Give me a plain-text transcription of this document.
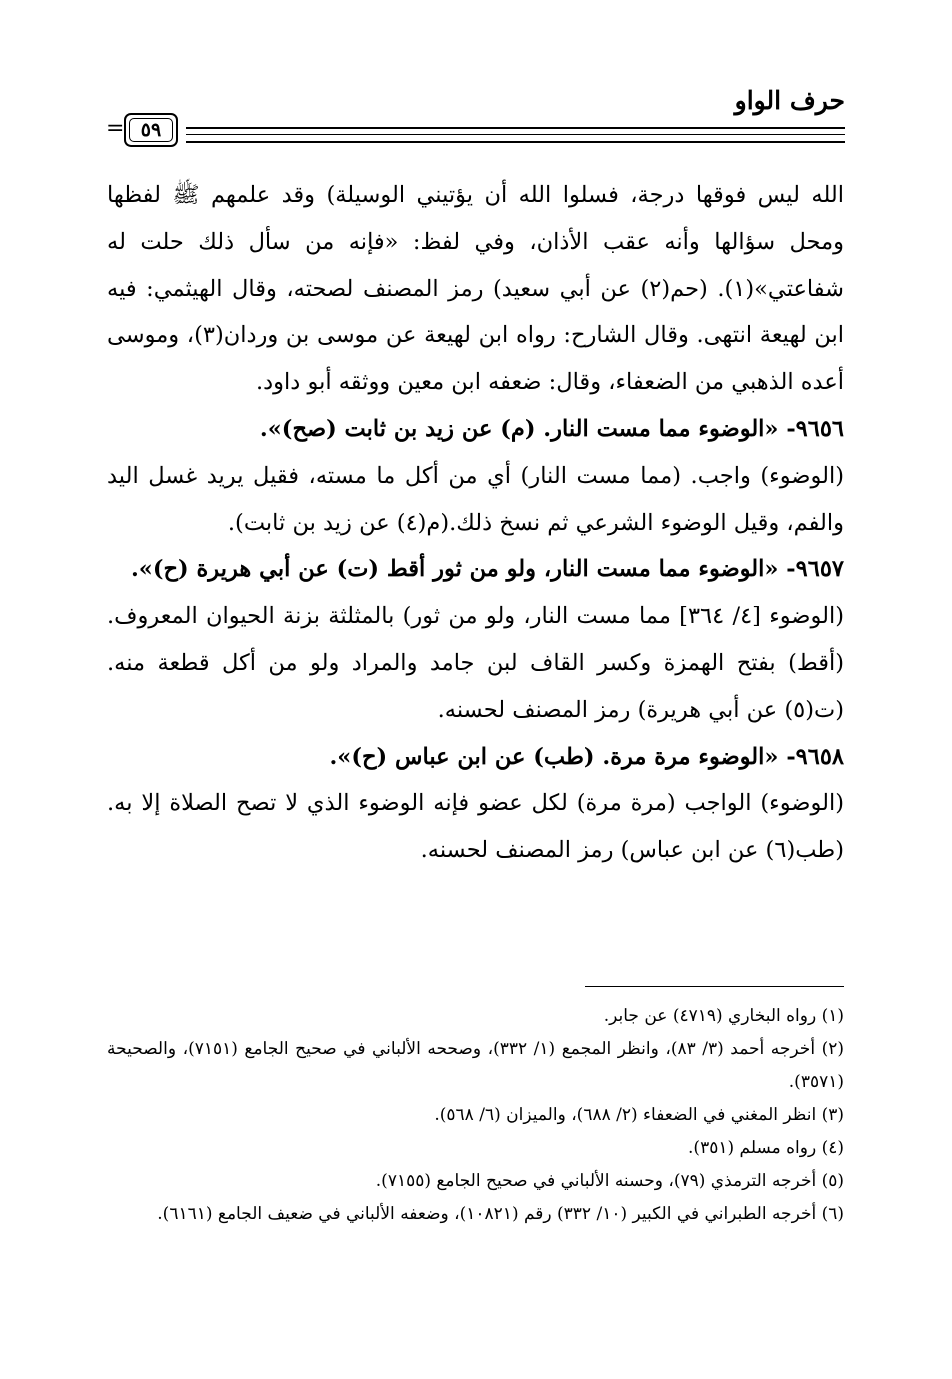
حرف الواو
= ٥٩

الله ليس فوقها درجة، فسلوا الله أن يؤتيني الوسيلة) وقد علمهم ﷺ لفظها ومحل سؤالها وأنه عقب الأذان، وفي لفظ: «فإنه من سأل ذلك حلت له شفاعتي»(١). (حم(٢) عن أبي سعيد) رمز المصنف لصحته، وقال الهيثمي: فيه ابن لهيعة انتهى. وقال الشارح: رواه ابن لهيعة عن موسى بن وردان(٣)، وموسى أعده الذهبي من الضعفاء، وقال: ضعفه ابن معين ووثقه أبو داود.

٩٦٥٦- «الوضوء مما مست النار. (م) عن زيد بن ثابت (صح)».

(الوضوء) واجب. (مما مست النار) أي من أكل ما مسته، فقيل يريد غسل اليد والفم، وقيل الوضوء الشرعي ثم نسخ ذلك.(م(٤) عن زيد بن ثابت).

٩٦٥٧- «الوضوء مما مست النار، ولو من ثور أقط (ت) عن أبي هريرة (ح)».

(الوضوء [٤/ ٣٦٤] مما مست النار، ولو من ثور) بالمثلثة بزنة الحيوان المعروف. (أقط) بفتح الهمزة وكسر القاف لبن جامد والمراد ولو من أكل قطعة منه. (ت(٥) عن أبي هريرة) رمز المصنف لحسنه.

٩٦٥٨- «الوضوء مرة مرة. (طب) عن ابن عباس (ح)».

(الوضوء) الواجب (مرة مرة) لكل عضو فإنه الوضوء الذي لا تصح الصلاة إلا به. (طب(٦) عن ابن عباس) رمز المصنف لحسنه.

(١) رواه البخاري (٤٧١٩) عن جابر.

(٢) أخرجه أحمد (٣/ ٨٣)، وانظر المجمع (١/ ٣٣٢)، وصححه الألباني في صحيح الجامع (٧١٥١)، والصحيحة (٣٥٧١).

(٣) انظر المغني في الضعفاء (٢/ ٦٨٨)، والميزان (٦/ ٥٦٨).

(٤) رواه مسلم (٣٥١).

(٥) أخرجه الترمذي (٧٩)، وحسنه الألباني في صحيح الجامع (٧١٥٥).

(٦) أخرجه الطبراني في الكبير (١٠/ ٣٣٢) رقم (١٠٨٢١)، وضعفه الألباني في ضعيف الجامع (٦١٦١).
